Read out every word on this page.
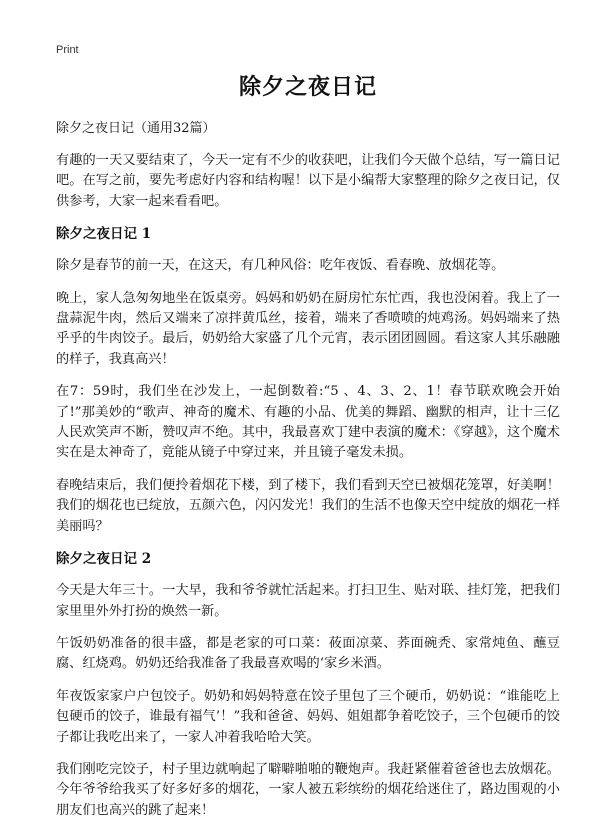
Print
除夕之夜日记
除夕之夜日记（通用32篇）

有趣的一天又要结束了，今天一定有不少的收获吧，让我们今天做个总结，写一篇日记吧。在写之前，要先考虑好内容和结构喔！以下是小编帮大家整理的除夕之夜日记，仅供参考，大家一起来看看吧。

除夕之夜日记 1

除夕是春节的前一天，在这天，有几种风俗：吃年夜饭、看春晚、放烟花等。

晚上，家人急匆匆地坐在饭桌旁。妈妈和奶奶在厨房忙东忙西，我也没闲着。我上了一盘蒜泥牛肉，然后又端来了凉拌黄瓜丝，接着，端来了香喷喷的炖鸡汤。妈妈端来了热乎乎的牛肉饺子。最后，奶奶给大家盛了几个元宵，表示团团圆圆。看这家人其乐融融的样子，我真高兴！

在7：59时，我们坐在沙发上，一起倒数着:“5 、4、3、2、1！春节联欢晚会开始了!”那美妙的“歌声、神奇的魔术、有趣的小品、优美的舞蹈、幽默的相声，让十三亿人民欢笑声不断，赞叹声不绝。其中，我最喜欢丁建中表演的魔术：《穿越》，这个魔术实在是太神奇了，竟能从镜子中穿过来，并且镜子毫发未损。

春晚结束后，我们便拎着烟花下楼，到了楼下，我们看到天空已被烟花笼罩，好美啊！我们的烟花也已绽放，五颜六色，闪闪发光！我们的生活不也像天空中绽放的烟花一样美丽吗？

除夕之夜日记 2

今天是大年三十。一大早，我和爷爷就忙活起来。打扫卫生、贴对联、挂灯笼，把我们家里里外外打扮的焕然一新。

午饭奶奶准备的很丰盛，都是老家的可口菜：莜面凉菜、荞面碗秃、家常炖鱼、蘸豆腐、红烧鸡。奶奶还给我准备了我最喜欢喝的‘家乡米酒。

年夜饭家家户户包饺子。奶奶和妈妈特意在饺子里包了三个硬币，奶奶说：“谁能吃上包硬币的饺子，谁最有福气’！”我和爸爸、妈妈、姐姐都争着吃饺子，三个包硬币的饺子都让我吃出来了，一家人冲着我哈哈大笑。

我们刚吃完饺子，村子里边就响起了噼噼啪啪的鞭炮声。我赶紧催着爸爸也去放烟花。今年爷爷给我买了好多好多的烟花，一家人被五彩缤纷的烟花给迷住了，路边围观的小朋友们也高兴的跳了起来！
